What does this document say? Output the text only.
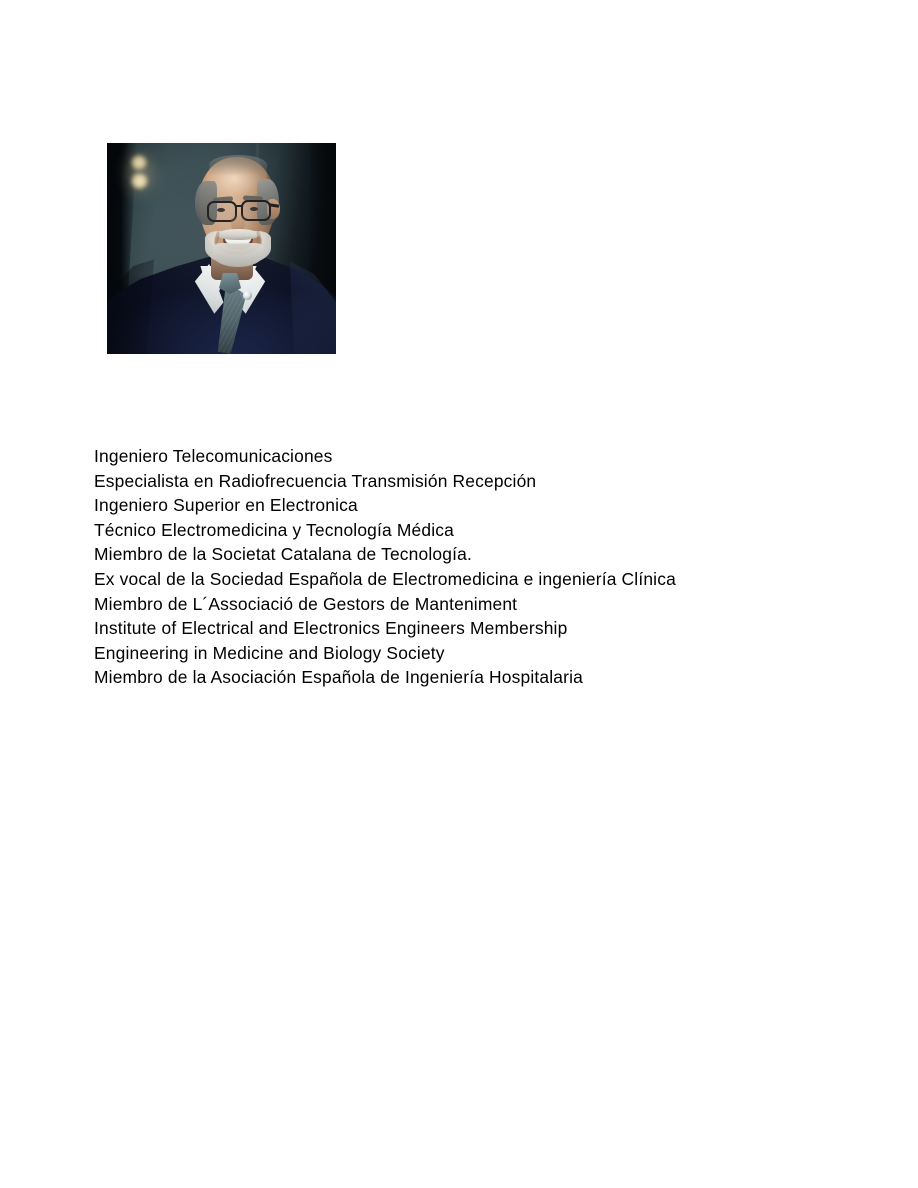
Ingeniero Telecomunicaciones
Especialista en Radiofrecuencia Transmisión Recepción
Ingeniero Superior en Electronica
Técnico Electromedicina y Tecnología Médica
Miembro de la Societat Catalana de Tecnología.
Ex vocal de la Sociedad Española de Electromedicina e ingeniería Clínica
Miembro de L´Associació de Gestors de Manteniment
Institute of Electrical and Electronics Engineers Membership
Engineering in Medicine and Biology Society
Miembro de la Asociación Española de Ingeniería Hospitalaria
